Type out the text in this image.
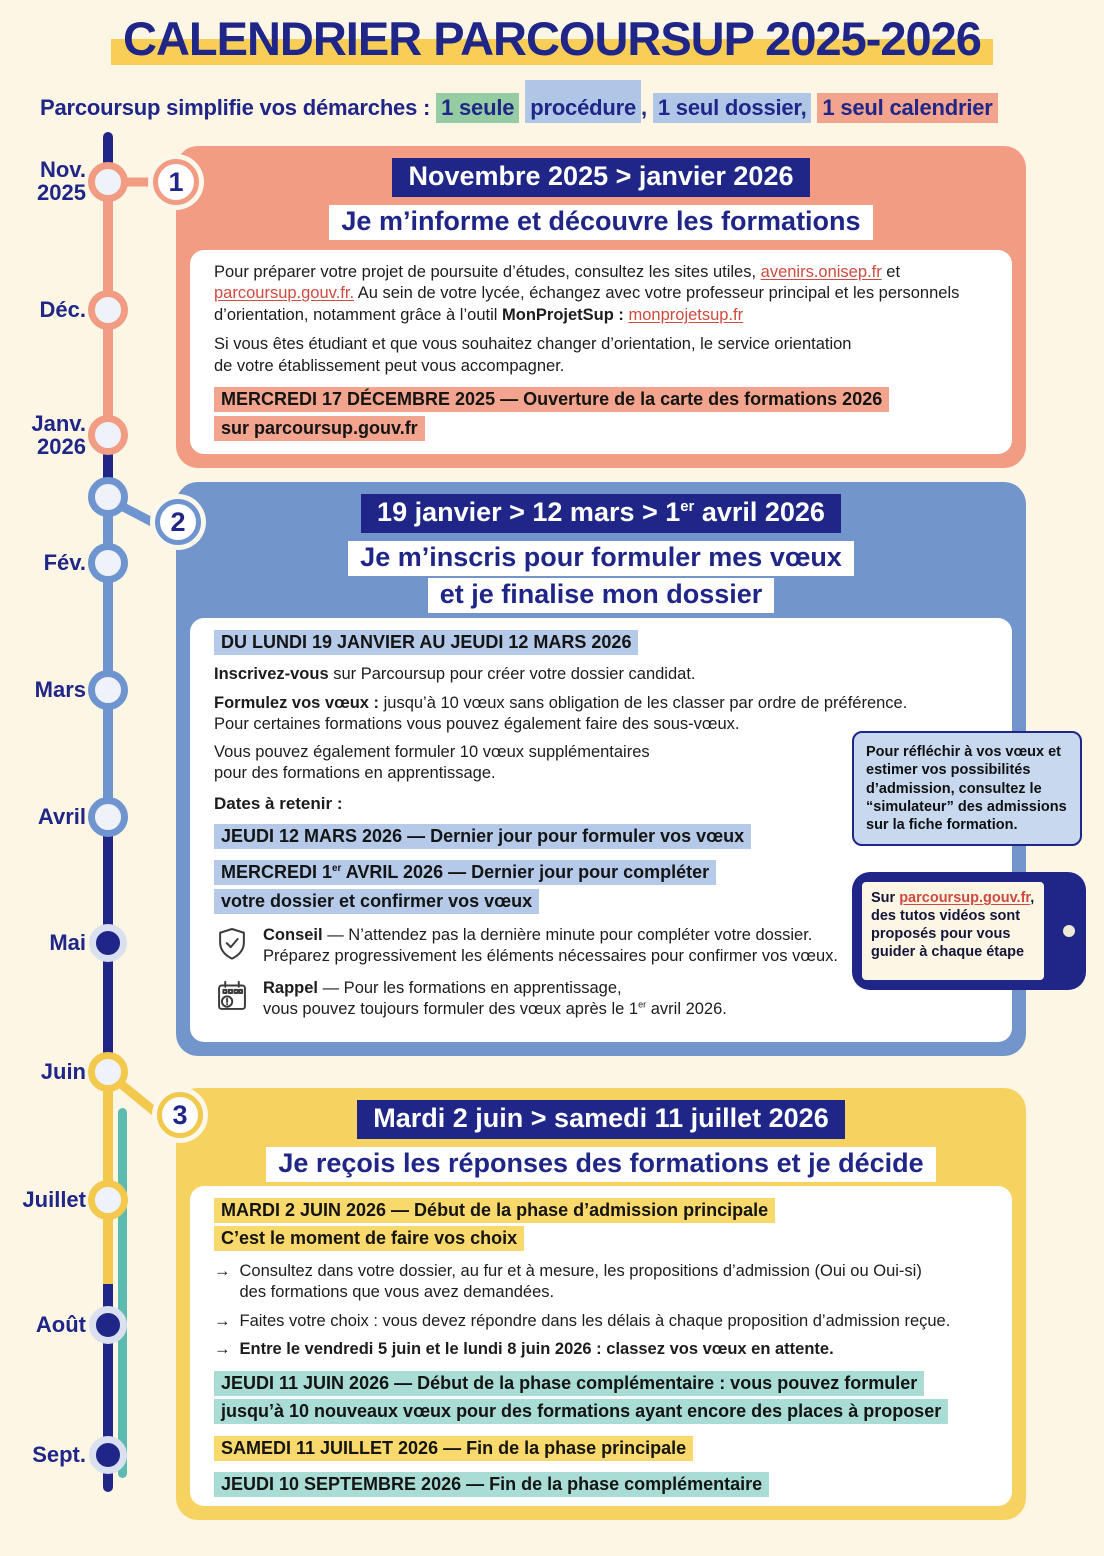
CALENDRIER PARCOURSUP 2025-2026
Parcoursup simplifie vos démarches : 1 seule procédure , 1 seul dossier, 1 seul calendrier
Novembre 2025 > janvier 2026
Je m’informe et découvre les formations

Pour préparer votre projet de poursuite d’études, consultez les sites utiles, avenirs.onisep.fr et parcoursup.gouv.fr. Au sein de votre lycée, échangez avec votre professeur principal et les personnels d’orientation, notamment grâce à l’outil MonProjetSup : monprojetsup.fr

Si vous êtes étudiant et que vous souhaitez changer d’orientation, le service orientation
de votre établissement peut vous accompagner.

MERCREDI 17 DÉCEMBRE 2025 — Ouverture de la carte des formations 2026
sur parcoursup.gouv.fr

19 janvier > 12 mars > 1er avril 2026
Je m’inscris pour formuler mes vœux
et je finalise mon dossier

DU LUNDI 19 JANVIER AU JEUDI 12 MARS 2026

Inscrivez-vous sur Parcoursup pour créer votre dossier candidat.

Formulez vos vœux : jusqu’à 10 vœux sans obligation de les classer par ordre de préférence.
Pour certaines formations vous pouvez également faire des sous-vœux.

Vous pouvez également formuler 10 vœux supplémentaires
pour des formations en apprentissage.

Dates à retenir :

JEUDI 12 MARS 2026 — Dernier jour pour formuler vos vœux

MERCREDI 1er AVRIL 2026 — Dernier jour pour compléter
votre dossier et confirmer vos vœux

Conseil — N’attendez pas la dernière minute pour compléter votre dossier.
Préparez progressivement les éléments nécessaires pour confirmer vos vœux.

Rappel — Pour les formations en apprentissage,
vous pouvez toujours formuler des vœux après le 1er avril 2026.

Mardi 2 juin > samedi 11 juillet 2026
Je reçois les réponses des formations et je décide

MARDI 2 JUIN 2026 — Début de la phase d’admission principale
C’est le moment de faire vos choix

→ Consultez dans votre dossier, au fur et à mesure, les propositions d’admission (Oui ou Oui-si)
des formations que vous avez demandées.

→ Faites votre choix : vous devez répondre dans les délais à chaque proposition d’admission reçue.

→ Entre le vendredi 5 juin et le lundi 8 juin 2026 : classez vos vœux en attente.

JEUDI 11 JUIN 2026 — Début de la phase complémentaire : vous pouvez formuler
jusqu’à 10 nouveaux vœux pour des formations ayant encore des places à proposer

SAMEDI 11 JUILLET 2026 — Fin de la phase principale

JEUDI 10 SEPTEMBRE 2026 — Fin de la phase complémentaire

1
2
3
Nov.
2025
Déc.
Janv.
2026
Fév.
Mars
Avril
Mai
Juin
Juillet
Août
Sept.
Pour réfléchir à vos vœux et estimer vos possibilités d’admission, consultez le “simulateur” des admissions sur la fiche formation.
Sur parcoursup.gouv.fr, des tutos vidéos sont proposés pour vous guider à chaque étape
